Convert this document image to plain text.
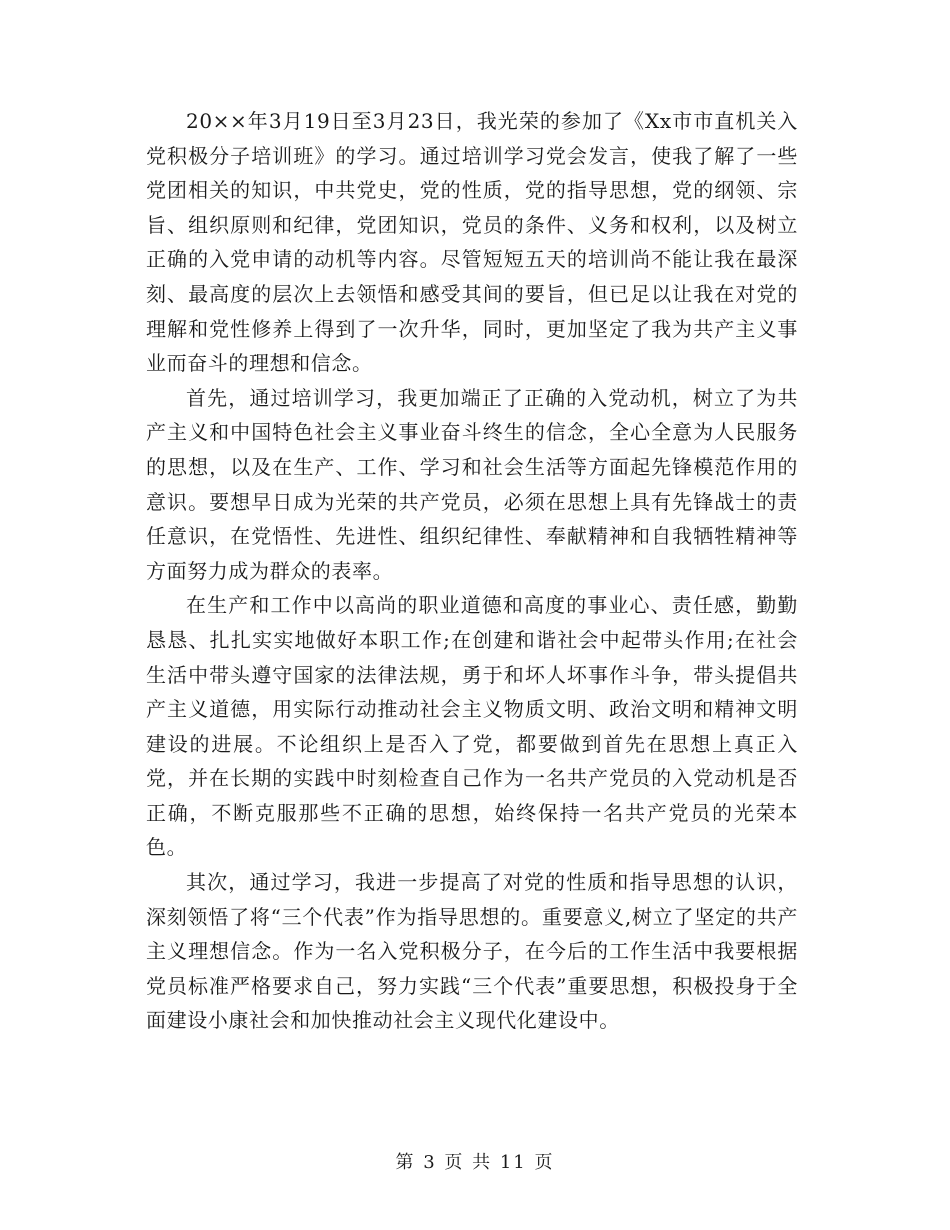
20××年3月19日至3月23日，我光荣的参加了《Xx市市直机关入党积极分子培训班》的学习。通过培训学习党会发言，使我了解了一些党团相关的知识，中共党史，党的性质，党的指导思想，党的纲领、宗旨、组织原则和纪律，党团知识，党员的条件、义务和权利，以及树立正确的入党申请的动机等内容。尽管短短五天的培训尚不能让我在最深刻、最高度的层次上去领悟和感受其间的要旨，但已足以让我在对党的理解和党性修养上得到了一次升华，同时，更加坚定了我为共产主义事业而奋斗的理想和信念。

首先，通过培训学习，我更加端正了正确的入党动机，树立了为共产主义和中国特色社会主义事业奋斗终生的信念，全心全意为人民服务的思想，以及在生产、工作、学习和社会生活等方面起先锋模范作用的意识。要想早日成为光荣的共产党员，必须在思想上具有先锋战士的责任意识，在党悟性、先进性、组织纪律性、奉献精神和自我牺牲精神等方面努力成为群众的表率。

在生产和工作中以高尚的职业道德和高度的事业心、责任感，勤勤恳恳、扎扎实实地做好本职工作;在创建和谐社会中起带头作用;在社会生活中带头遵守国家的法律法规，勇于和坏人坏事作斗争，带头提倡共产主义道德，用实际行动推动社会主义物质文明、政治文明和精神文明建设的进展。不论组织上是否入了党，都要做到首先在思想上真正入党，并在长期的实践中时刻检查自己作为一名共产党员的入党动机是否正确，不断克服那些不正确的思想，始终保持一名共产党员的光荣本色。

其次，通过学习，我进一步提高了对党的性质和指导思想的认识，深刻领悟了将“三个代表”作为指导思想的。重要意义,树立了坚定的共产主义理想信念。作为一名入党积极分子，在今后的工作生活中我要根据党员标准严格要求自己，努力实践“三个代表”重要思想，积极投身于全面建设小康社会和加快推动社会主义现代化建设中。

第 3 页 共 11 页
